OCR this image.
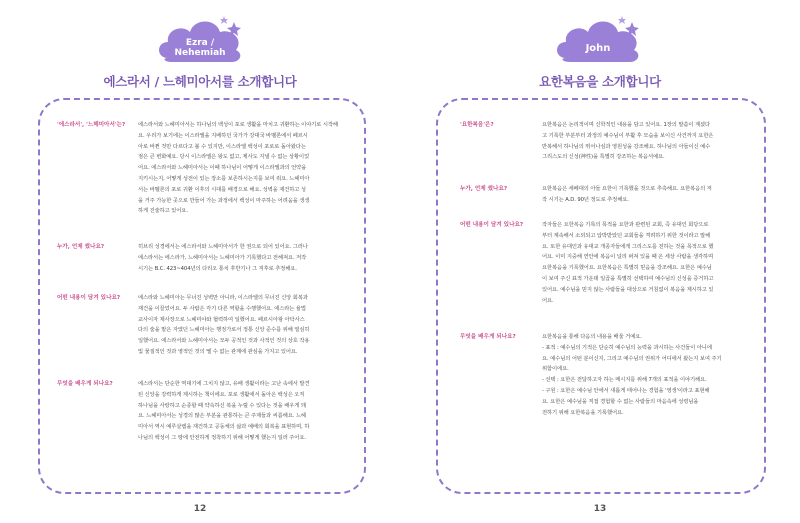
Ezra /
Nehemiah
에스라서 / 느헤미아서를 소개합니다
'에스라서', '느헤미아서'는?	에스라서와 느헤미아서는 하나님의 백성이 포로 생활을 마치고 귀환하는 이야기로 시작해
요. 우리가 보기에는 이스라엘을 지배하던 국가가 강대국 바벨론에서 페르시
아로 바뀐 것만 다르다고 볼 수 있지만, 이스라엘 백성이 포로로 돌아왔다는
점은 큰 변화예요. 당시 이스라엘은 왕도 없고, 제사도 지낼 수 없는 상황이었
어요. 에스라서와 느헤미아서는 이때 하나님이 어떻게 이스라엘과의 언약을
지키시는지, 어떻게 성전이 있는 장소를 보존하시는지를 보여 줘요. 느헤미아
서는 바벨론의 포로 귀환 이후의 시대를 배경으로 해요. 성벽을 재건하고 성
을 거주 가능한 곳으로 만들어 가는 과정에서 백성이 마주하는 어려움을 생생
하게 진술하고 있어요.
누가, 언제 썼나요?	히브리 성경에서는 에스라서와 느헤미아서가 한 권으로 되어 있어요. 그러나
에스라서는 에스라가, 느헤미아서는 느헤미아가 기록했다고 전해져요. 저작
시기는 B.C. 423~404년의 다리오 통치 후반기나 그 직후로 추정해요.
어떤 내용이 담겨 있나요?	에스라와 느헤미아는 무너진 성벽만 아니라, 이스라엘의 무너진 신앙 회복과
재건을 이끌었어요. 두 사람은 각기 다른 역할을 수행했어요. 에스라는 율법
교사이자 제사장으로 느헤미야와 협력하여 일했어요. 페르시아왕 아닥사스
다의 술을 맡은 자였던 느헤미아는 행정가로서 정통 신앙 준수를 위해 열심히
일했어요. 에스라서와 느헤미아서는 모두 공적인 것과 사적인 것의 상호 작용
및 물질적인 것과 영적인 것의 뗄 수 없는 관계에 관심을 가지고 있어요.
무엇을 배우게 되나요?	에스라서는 단순한 역대기에 그치지 않고, 유배 생활이라는 고난 속에서 발견
된 신앙을 강력하게 제시하는 책이에요. 포로 생활에서 돌아온 백성은 오직
하나님을 사랑하고 순종할 때 약속하신 복을 누릴 수 있다는 것을 배우게 돼
요. 느헤미아서는 성경의 많은 부분을 관통하는 큰 주제들과 씨름해요. 느헤
미아서 역시 예루살렘을 재건하고 공동체의 삶과 예배의 회복을 표현하며, 하
나님의 백성이 그 땅에 안전하게 정착하기 위해 어떻게 했는지 일러 주어요.
12
John
요한복음을 소개합니다
'요한복음'은?	요한복음은 논리적이며 신학적인 내용을 담고 있어요. 1장의 말씀이 계셨다
고 기록한 부분부터 과정의 예수님이 부활 후 모습을 보이신 사건까지 요한은
반복해서 하나님의 뛰어나심과 영원성을 강조해요. 하나님의 아들이신 예수
그리스도의 신성(神性)을 특별히 강조하는 복음서예요.
누가, 언제 썼나요?	요한복음은 세베대의 아들 요한이 기록했을 것으로 추측해요. 요한복음의 저
작 시기는 A.D. 90년 정도로 추정해요.
어떤 내용이 담겨 있나요?	작자들은 요한복음 기록의 목적을 요한과 관련된 교회, 즉 유대인 회당으로
부터 계속해서 소외되고 압박받았던 교회들을 격려하기 위한 것이라고 말해
요. 또한 유대인과 유대교 개종자들에게 그리스도를 전하는 것을 목적으로 했
어요. 이미 지중해 연안에 복음이 널리 퍼져 있을 때 온 세상 사람을 생각하며
요한복음을 기록했어요. 요한복음은 특별히 믿음을 강조해요. 요한은 예수님
이 보여 주신 표적 가운데 일곱을 특별히 선택하여 예수님의 신성을 증거하고
있어요. 예수님을 믿지 않는 사람들을 대상으로 거침없이 복음을 제시하고 있
어요.
무엇을 배우게 되나요?	요한복음을 통해 다음의 내용을 배울 거예요.
- 표적 : 예수님의 기적은 단순히 예수님의 능력을 과시하는 사건들이 아니에
요. 예수님의 어떤 분이신지, 그리고 예수님의 권위가 어디에서 왔는지 보여 주기
위함이에요.
- 선택 : 요한은 전달하고자 하는 메시지를 위해 7개의 표적을 이야기해요.
- 구원 : 요한은 예수님 안에서 새롭게 태어나는 경험을 '영생'이라고 표현해
요. 요한은 예수님을 직접 경험할 수 없는 사람들의 마음속에 성령님을
전하기 위해 요한복음을 기록했어요.
13
